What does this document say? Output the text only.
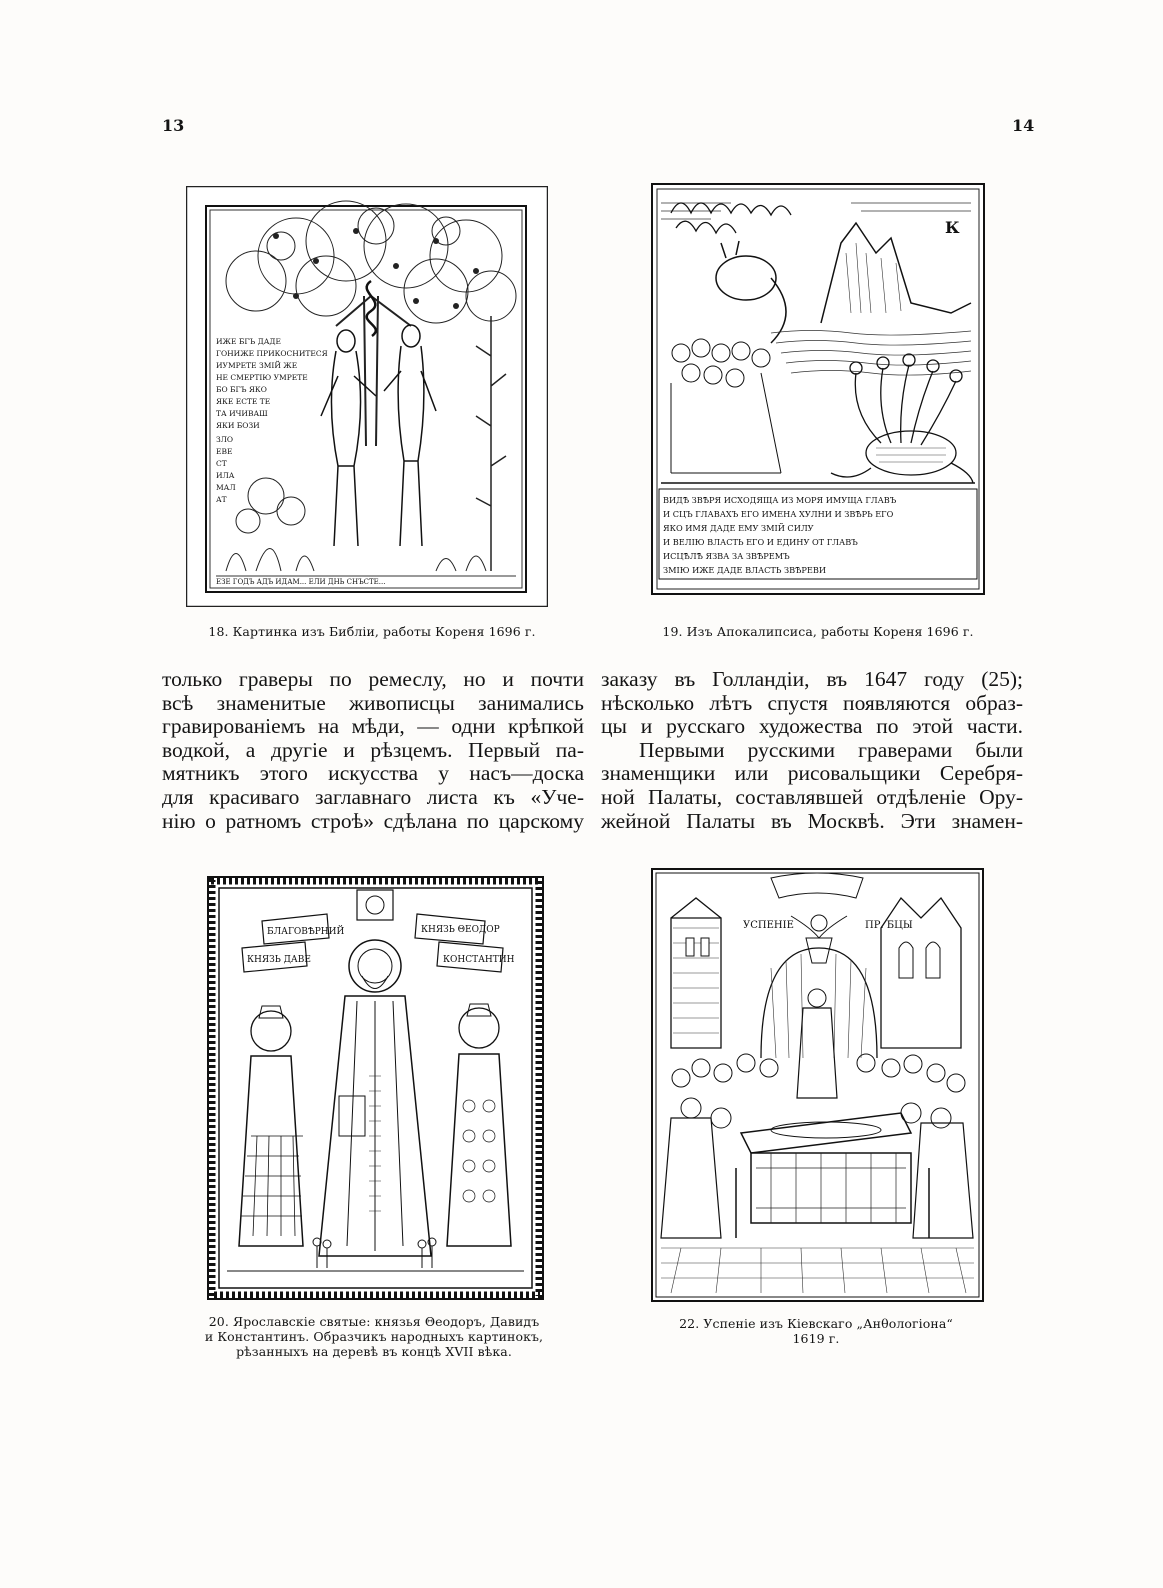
13	14
ИЖЕ БГЪ ДАДЕ
ГОНИЖЕ ПРИКОСНИТЕСЯ
ИУМРЕТЕ ЗМІЙ ЖЕ
НЕ СМЕРТІЮ УМРЕТЕ
БО БГЪ ЯКО
ЯКЕ ЕСТЕ ТЕ
ТА ИЧИВАШ
ЯКИ БОЗИ
ЗЛО
ЕВЕ
СТ
ИЛА
МАЛ
АТ
ЕЗЕ ГОДЪ АДЪ ИДАМ... ЕЛИ ДНЬ СНЪСТЕ...
18. Картинка изъ Библіи, работы Кореня 1696 г.
К
ВИДѢ ЗВѢРЯ ИСХОДЯЩА ИЗ МОРЯ ИМУЩА ГЛАВЪ
И СЦЪ ГЛАВАХЪ ЕГО ИМЕНА ХУЛНИ И ЗВѢРЬ ЕГО
ЯКО ИМЯ ДАДЕ ЕМУ ЗМІЙ СИЛУ
И ВЕЛІЮ ВЛАСТЬ ЕГО И ЕДИНУ ОТ ГЛАВЪ
ИСЦѢЛѢ ЯЗВА ЗА ЗВѢРЕМЪ
ЗМІЮ ИЖЕ ДАДЕ ВЛАСТЬ ЗВѢРЕВИ
19. Изъ Апокалипсиса, работы Кореня 1696 г.
только граверы по ремеслу, но и почти
всѣ знаменитые живописцы занимались
гравированіемъ на мѣди, — одни крѣпкой
водкой, а другіе и рѣзцемъ. Первый па-
мятникъ этого искусства у насъ—доска
для красиваго заглавнаго листа къ «Уче-
нію о ратномъ строѣ» сдѣлана по царскому
заказу въ Голландіи, въ 1647 году (25);
нѣсколько лѣтъ спустя появляются образ-
цы и русскаго художества по этой части.
Первыми русскими граверами были
знаменщики или рисовальщики Серебря-
ной Палаты, составлявшей отдѣленіе Ору-
жейной Палаты въ Москвѣ. Эти знамен-
БЛАГОВѢРНИЙ
КНЯЗЬ ДАВЕ
КНЯЗЬ ΘЕОДОР
КОНСТАНТИН
20. Ярославскіе святые: князья Θеодоръ, Давидъ
и Константинъ. Образчикъ народныхъ картинокъ,
рѣзанныхъ на деревѣ въ концѣ XVII вѣка.
УСПЕНІЕ	ПР. БЦЫ
22. Успеніе изъ Кіевскаго „Анθологіона“
1619 г.
